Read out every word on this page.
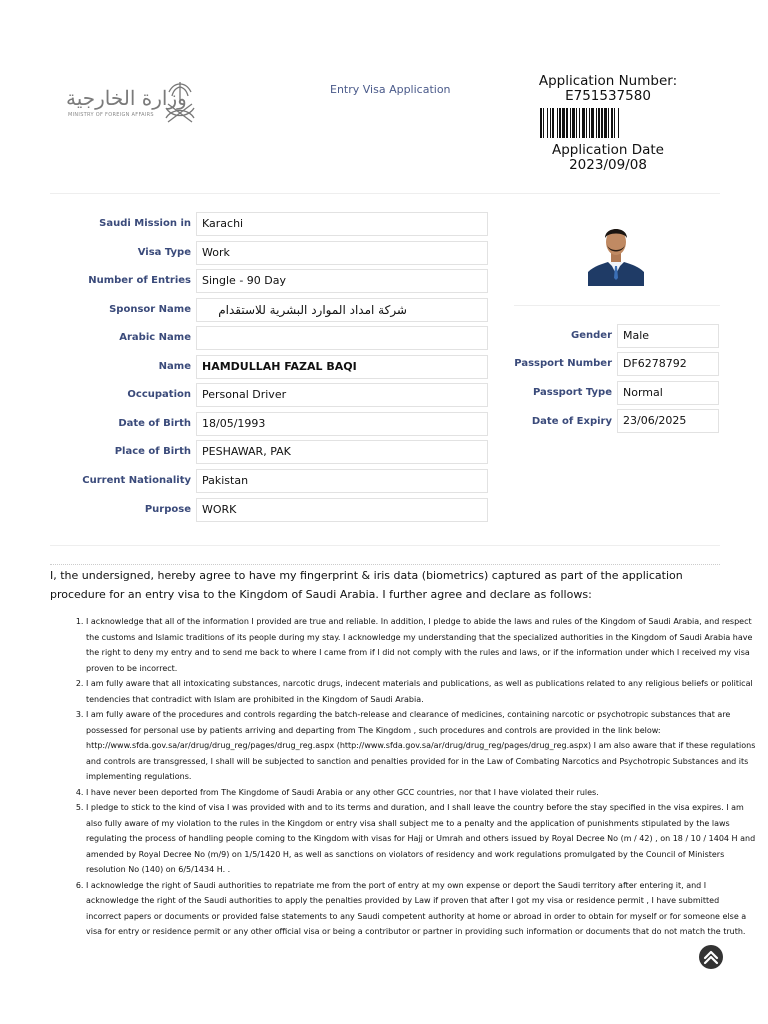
وزارة الخارجية
MINISTRY OF FOREIGN AFFAIRS
Entry Visa Application
Application Number:
E751537580
Application Date
2023/09/08
Saudi Mission in	Karachi
Visa Type	Work
Number of Entries	Single - 90 Day
Sponsor Name	شركة امداد الموارد البشرية للاستقدام
Arabic Name
Name	HAMDULLAH FAZAL BAQI
Occupation	Personal Driver
Date of Birth	18/05/1993
Place of Birth	PESHAWAR, PAK
Current Nationality	Pakistan
Purpose	WORK
Gender	Male
Passport Number	DF6278792
Passport Type	Normal
Date of Expiry	23/06/2025
I, the undersigned, hereby agree to have my fingerprint & iris data (biometrics) captured as part of the application procedure for an entry visa to the Kingdom of Saudi Arabia. I further agree and declare as follows:
1. I acknowledge that all of the information I provided are true and reliable. In addition, I pledge to abide the laws and rules of the Kingdom of Saudi Arabia, and respect the customs and Islamic traditions of its people during my stay. I acknowledge my understanding that the specialized authorities in the Kingdom of Saudi Arabia have the right to deny my entry and to send me back to where I came from if I did not comply with the rules and laws, or if the information under which I received my visa proven to be incorrect.
2. I am fully aware that all intoxicating substances, narcotic drugs, indecent materials and publications, as well as publications related to any religious beliefs or political tendencies that contradict with Islam are prohibited in the Kingdom of Saudi Arabia.
3. I am fully aware of the procedures and controls regarding the batch-release and clearance of medicines, containing narcotic or psychotropic substances that are possessed for personal use by patients arriving and departing from The Kingdom , such procedures and controls are provided in the link below: http://www.sfda.gov.sa/ar/drug/drug_reg/pages/drug_reg.aspx (http://www.sfda.gov.sa/ar/drug/drug_reg/pages/drug_reg.aspx) I am also aware that if these regulations and controls are transgressed, I shall will be subjected to sanction and penalties provided for in the Law of Combating Narcotics and Psychotropic Substances and its implementing regulations.
4. I have never been deported from The Kingdome of Saudi Arabia or any other GCC countries, nor that I have violated their rules.
5. I pledge to stick to the kind of visa I was provided with and to its terms and duration, and I shall leave the country before the stay specified in the visa expires. I am also fully aware of my violation to the rules in the Kingdom or entry visa shall subject me to a penalty and the application of punishments stipulated by the laws regulating the process of handling people coming to the Kingdom with visas for Hajj or Umrah and others issued by Royal Decree No (m / 42) , on 18 / 10 / 1404 H and amended by Royal Decree No (m/9) on 1/5/1420 H, as well as sanctions on violators of residency and work regulations promulgated by the Council of Ministers resolution No (140) on 6/5/1434 H. .
6. I acknowledge the right of Saudi authorities to repatriate me from the port of entry at my own expense or deport the Saudi territory after entering it, and I acknowledge the right of the Saudi authorities to apply the penalties provided by Law if proven that after I got my visa or residence permit , I have submitted incorrect papers or documents or provided false statements to any Saudi competent authority at home or abroad in order to obtain for myself or for someone else a visa for entry or residence permit or any other official visa or being a contributor or partner in providing such information or documents that do not match the truth.
